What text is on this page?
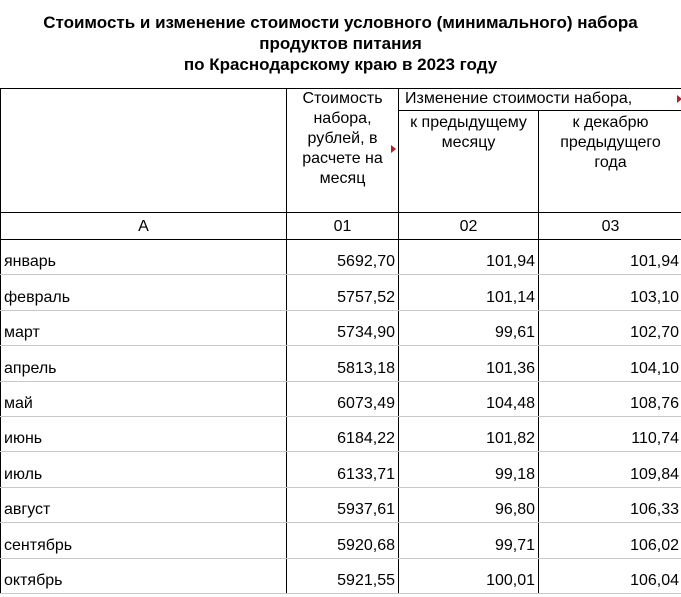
Стоимость и изменение стоимости условного (минимального) набора
продуктов питания
по Краснодарскому краю в 2023 году
	Стоимость набора, рублей, в расчете на месяц	Изменение стоимости набора,	

		к предыдущему месяцу	к декабрю предыдущего года

А	01	02	03
январь	5692,70	101,94	101,94
февраль	5757,52	101,14	103,10
март	5734,90	99,61	102,70
апрель	5813,18	101,36	104,10
май	6073,49	104,48	108,76
июнь	6184,22	101,82	110,74
июль	6133,71	99,18	109,84
август	5937,61	96,80	106,33
сентябрь	5920,68	99,71	106,02
октябрь	5921,55	100,01	106,04
